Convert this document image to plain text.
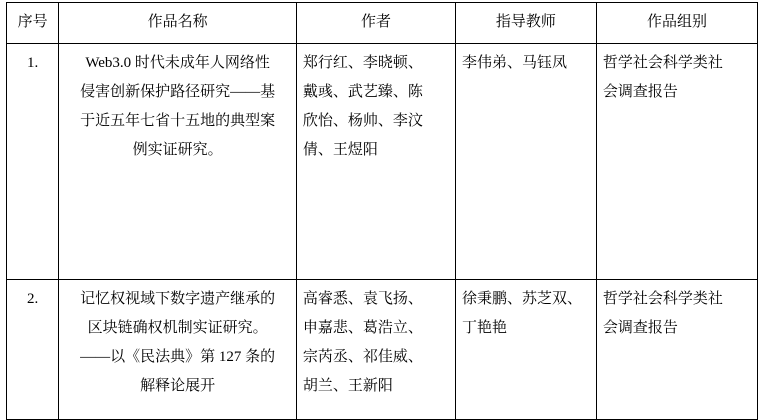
序号	作品名称	作者	指导教师	作品组别
1.	Web3.0 时代未成年人网络性
侵害创新保护路径研究——基
于近五年七省十五地的典型案
例实证研究。	郑行红、李晓顿、
戴彧、武艺臻、陈
欣怡、杨帅、李汶
倩、王煜阳	李伟弟、马钰凤	哲学社会科学类社
会调查报告

2.	记忆权视域下数字遗产继承的
区块链确权机制实证研究。
——以《民法典》第 127 条的
解释论展开	高睿悉、袁飞扬、
申嘉悲、葛浩立、
宗芮丞、祁佳威、
胡兰、王新阳	徐秉鹏、苏芝双、
丁艳艳	哲学社会科学类社
会调查报告
